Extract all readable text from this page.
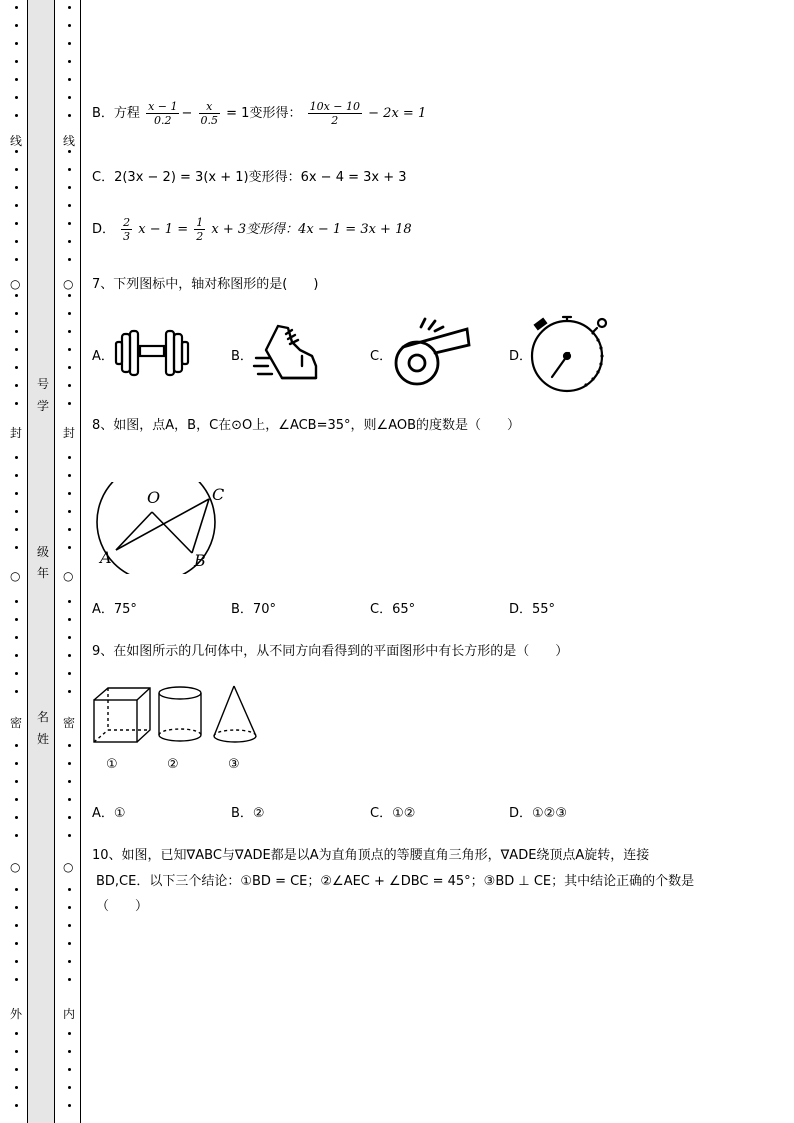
线
○
封
○
密
○
外
线
○
封
○
密
○
内
号
学
级
年
名
姓
B．方程 $\frac{x - 1}{0.2} - \frac{x}{0.5} = 1$变形得： $\frac{10x - 10}{2} - 2x = 1$
C．2(3x − 2) = 3(x + 1)变形得：6x − 4 = 3x + 3
D． $\frac{2}{3}$ $x - 1 = \frac{1}{2}$ x + 3变形得：4x − 1 = 3x + 18
7、下列图标中，轴对称图形的是(　　)
A．	B．	C．	D．
8、如图，点A，B，C在⊙O上，∠ACB=35°，则∠AOB的度数是（　　）
O	C
A	B
A．75°	B．70°	C．65°	D．55°
9、在如图所示的几何体中，从不同方向看得到的平面图形中有长方形的是（　　）
①	②	③
A．①	B．②	C．①②	D．①②③
10、如图，已知∇ABC与∇ADE都是以A为直角顶点的等腰直角三角形，∇ADE绕顶点A旋转，连接
BD,CE．以下三个结论：①BD = CE；②∠AEC + ∠DBC = 45°；③BD ⊥ CE；其中结论正确的个数是
（　　）
